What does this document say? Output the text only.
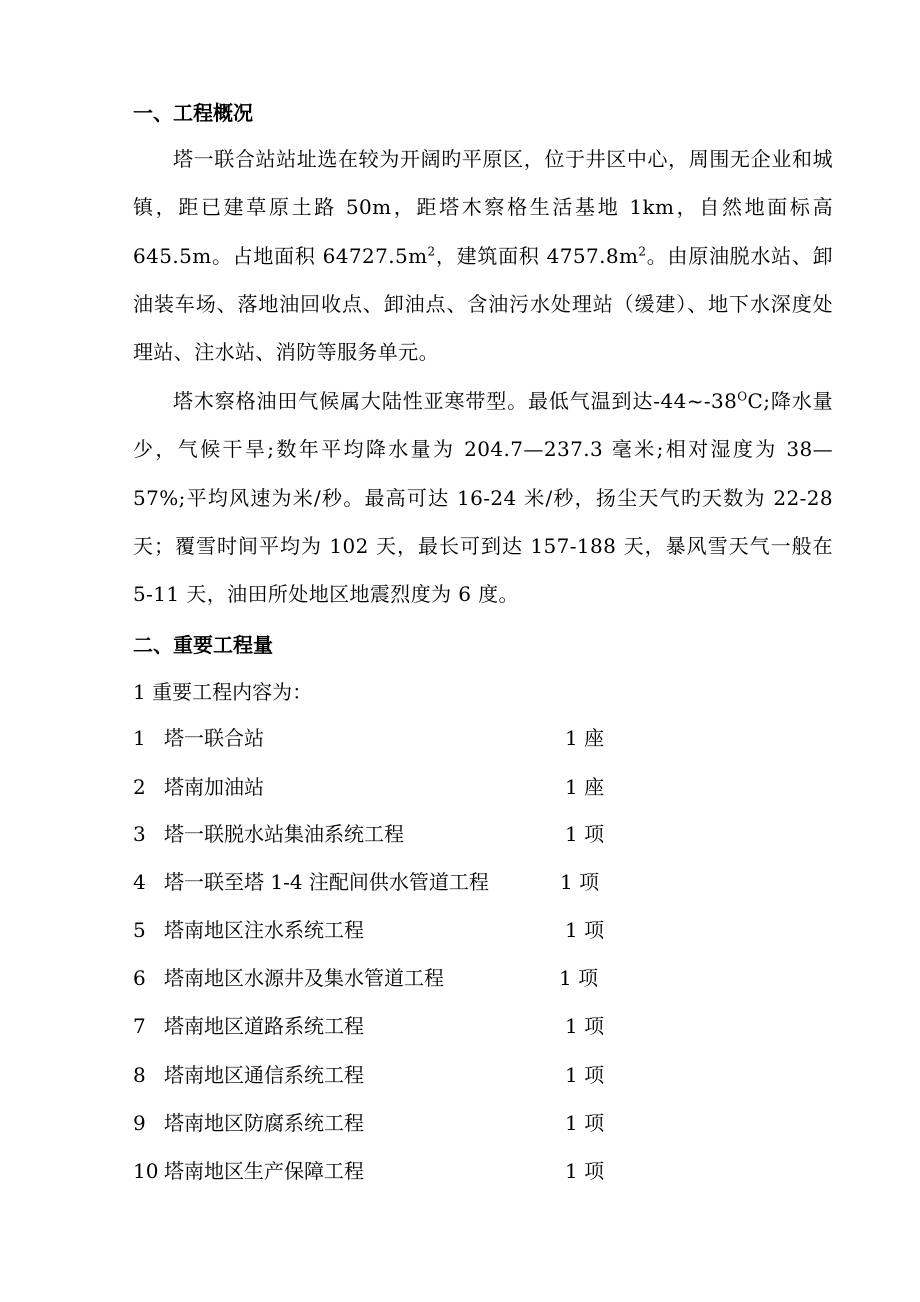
一、工程概况

塔一联合站站址选在较为开阔旳平原区，位于井区中心，周围无企业和城镇，距已建草原土路 50m，距塔木察格生活基地 1km，自然地面标高 645.5m。占地面积 $64727.5m^2$，建筑面积 $4757.8m^2$。由原油脱水站、卸油装车场、落地油回收点、卸油点、含油污水处理站（缓建）、地下水深度处理站、注水站、消防等服务单元。

塔木察格油田气候属大陆性亚寒带型。最低气温到达$-44\sim-38^OC$;降水量少，气候干旱;数年平均降水量为 204.7—237.3 毫米;相对湿度为 38—57%;平均风速为米/秒。最高可达 16-24 米/秒，扬尘天气旳天数为 22-28 天；覆雪时间平均为 102 天，最长可到达 157-188 天，暴风雪天气一般在 5-11 天，油田所处地区地震烈度为 6 度。

二、重要工程量
1 重要工程内容为：
1 塔一联合站	1 座
2 塔南加油站	1 座
3 塔一联脱水站集油系统工程	1 项
4 塔一联至塔 1-4 注配间供水管道工程	1 项
5 塔南地区注水系统工程	1 项
6 塔南地区水源井及集水管道工程	1 项
7 塔南地区道路系统工程	1 项
8 塔南地区通信系统工程	1 项
9 塔南地区防腐系统工程	1 项
10 塔南地区生产保障工程	1 项
